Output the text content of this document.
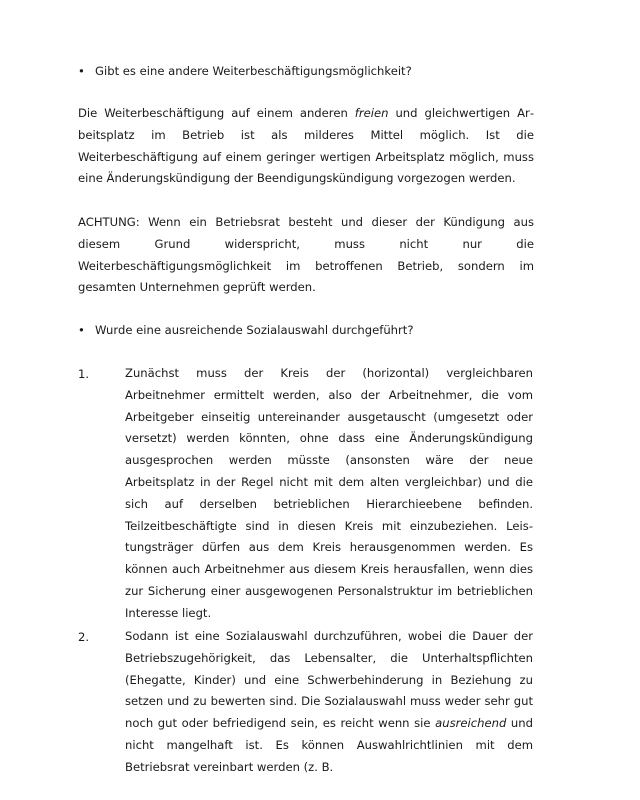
• Gibt es eine andere Weiterbeschäftigungsmöglichkeit?

Die Weiterbeschäftigung auf einem anderen freien und gleichwertigen Arbeitsplatz im Betrieb ist als milderes Mittel möglich. Ist die Weiterbeschäftigung auf einem geringer wertigen Arbeitsplatz möglich, muss eine Änderungskündigung der Beendigungskündigung vorgezogen werden.

ACHTUNG: Wenn ein Betriebsrat besteht und dieser der Kündigung aus diesem Grund widerspricht, muss nicht nur die Weiterbeschäftigungsmöglichkeit im betroffenen Betrieb, sondern im gesamten Unternehmen geprüft werden.

• Wurde eine ausreichende Sozialauswahl durchgeführt?
1.	Zunächst muss der Kreis der (horizontal) vergleichbaren Arbeitnehmer ermittelt werden, also der Arbeitnehmer, die vom Arbeitgeber einseitig untereinander ausgetauscht (umgesetzt oder versetzt) werden könnten, ohne dass eine Änderungskündigung ausgesprochen werden müsste (ansonsten wäre der neue Arbeitsplatz in der Regel nicht mit dem alten vergleichbar) und die sich auf derselben betrieblichen Hierarchieebene befinden. Teilzeitbeschäftigte sind in diesen Kreis mit einzubeziehen. Leistungsträger dürfen aus dem Kreis herausgenommen werden. Es können auch Arbeitnehmer aus diesem Kreis herausfallen, wenn dies zur Sicherung einer ausgewogenen Personalstruktur im betrieblichen Interesse liegt.

2.	Sodann ist eine Sozialauswahl durchzuführen, wobei die Dauer der Betriebszugehörigkeit, das Lebensalter, die Unterhaltspflichten (Ehegatte, Kinder) und eine Schwerbehinderung in Beziehung zu setzen und zu bewerten sind. Die Sozialauswahl muss weder sehr gut noch gut oder befriedigend sein, es reicht wenn sie ausreichend und nicht mangelhaft ist. Es können Auswahlrichtlinien mit dem Betriebsrat vereinbart werden (z. B.
